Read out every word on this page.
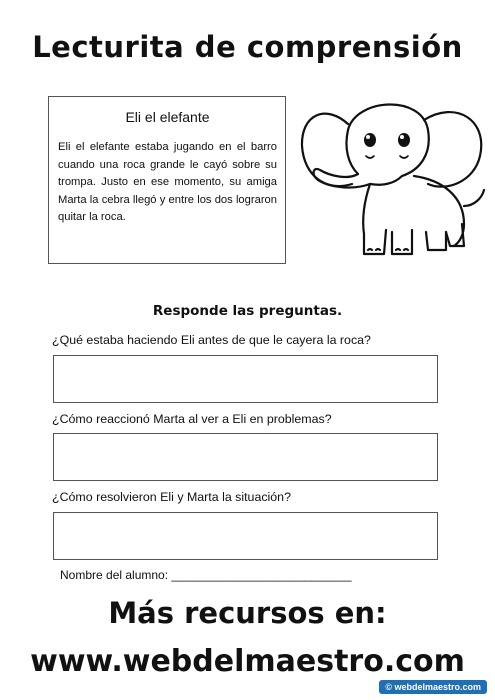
Lecturita de comprensión
Eli el elefante
Eli el elefante estaba jugando en el barro cuando una roca grande le cayó sobre su trompa. Justo en ese momento, su amiga Marta la cebra llegó y entre los dos lograron quitar la roca.
Responde las preguntas.
¿Qué estaba haciendo Eli antes de que le cayera la roca?
¿Cómo reaccionó Marta al ver a Eli en problemas?
¿Cómo resolvieron Eli y Marta la situación?
Nombre del alumno: ___________________________
Más recursos en:
www.webdelmaestro.com
© webdelmaestro.com
